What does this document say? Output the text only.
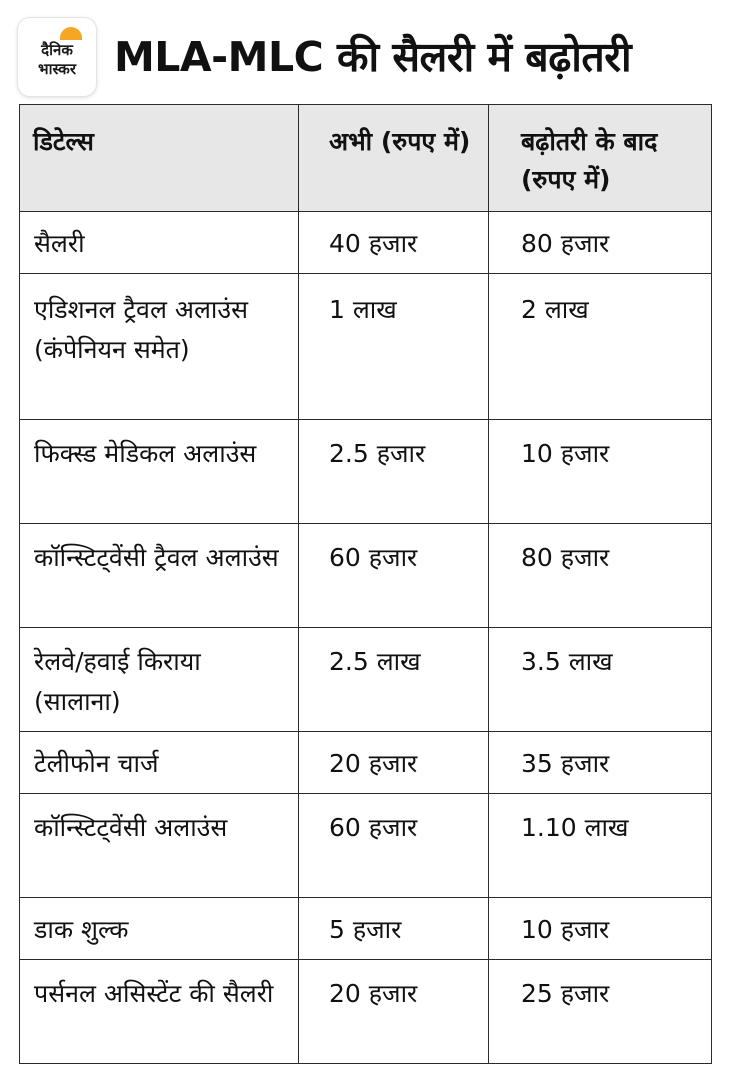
दैनिक
भास्कर MLA-MLC की सैलरी में बढ़ोतरी
डिटेल्स	अभी (रुपए में)	बढ़ोतरी के बाद (रुपए में)
सैलरी	40 हजार	80 हजार
एडिशनल ट्रैवल अलाउंस (कंपेनियन समेत)	1 लाख	2 लाख
फिक्स्ड मेडिकल अलाउंस	2.5 हजार	10 हजार
कॉन्स्टिट्वेंसी ट्रैवल अलाउंस	60 हजार	80 हजार
रेलवे/हवाई किराया (सालाना)	2.5 लाख	3.5 लाख
टेलीफोन चार्ज	20 हजार	35 हजार
कॉन्स्टिट्वेंसी अलाउंस	60 हजार	1.10 लाख
डाक शुल्क	5 हजार	10 हजार
पर्सनल असिस्टेंट की सैलरी	20 हजार	25 हजार
